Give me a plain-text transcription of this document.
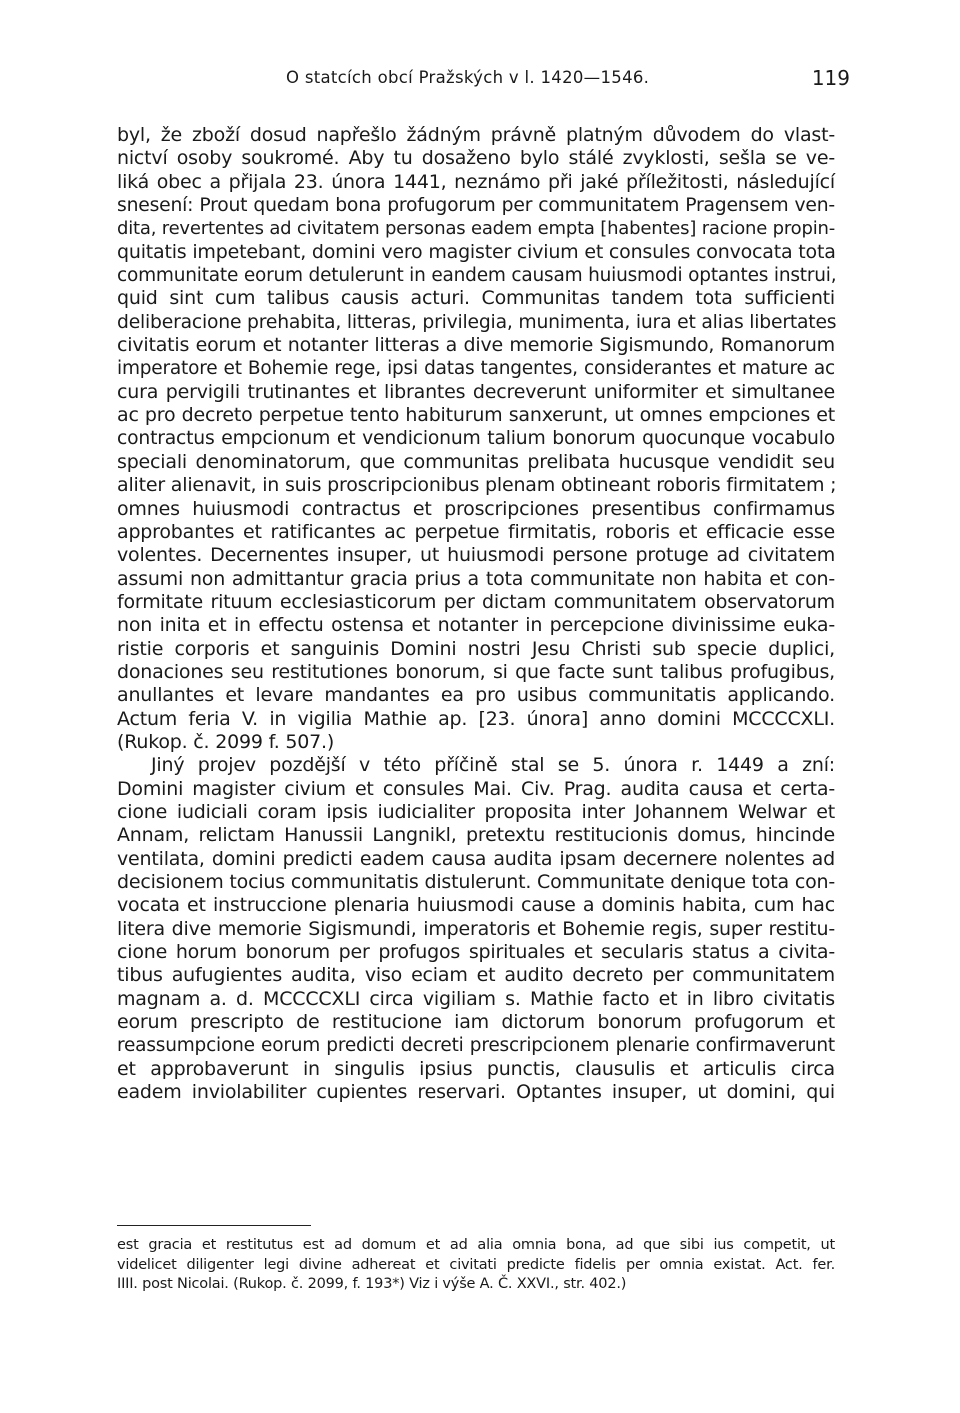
O statcích obcí Pražských v l. 1420—1546.	119
byl, že zboží dosud napřešlo žádným právně platným důvodem do vlast-
nictví osoby soukromé. Aby tu dosaženo bylo stálé zvyklosti, sešla se ve-
liká obec a přijala 23. února 1441, neznámo při jaké příležitosti, následující
snesení: Prout quedam bona profugorum per communitatem Pragensem ven-
dita, revertentes ad civitatem personas eadem empta [habentes] racione propin-
quitatis impetebant, domini vero magister civium et consules convocata tota
communitate eorum detulerunt in eandem causam huiusmodi optantes instrui,
quid sint cum talibus causis acturi. Communitas tandem tota sufficienti
deliberacione prehabita, litteras, privilegia, munimenta, iura et alias libertates
civitatis eorum et notanter litteras a dive memorie Sigismundo, Romanorum
imperatore et Bohemie rege, ipsi datas tangentes, considerantes et mature ac
cura pervigili trutinantes et librantes decreverunt uniformiter et simultanee
ac pro decreto perpetue tento habiturum sanxerunt, ut omnes empciones et
contractus empcionum et vendicionum talium bonorum quocunque vocabulo
speciali denominatorum, que communitas prelibata hucusque vendidit seu
aliter alienavit, in suis proscripcionibus plenam obtineant roboris firmitatem ;
omnes huiusmodi contractus et proscripciones presentibus confirmamus
approbantes et ratificantes ac perpetue firmitatis, roboris et efficacie esse
volentes. Decernentes insuper, ut huiusmodi persone protuge ad civitatem
assumi non admittantur gracia prius a tota communitate non habita et con-
formitate rituum ecclesiasticorum per dictam communitatem observatorum
non inita et in effectu ostensa et notanter in percepcione divinissime euka-
ristie corporis et sanguinis Domini nostri Jesu Christi sub specie duplici,
donaciones seu restitutiones bonorum, si que facte sunt talibus profugibus,
anullantes et levare mandantes ea pro usibus communitatis applicando.
Actum feria V. in vigilia Mathie ap. [23. února] anno domini MCCCCXLI.
(Rukop. č. 2099 f. 507.)
Jiný projev pozdější v této příčině stal se 5. února r. 1449 a zní:
Domini magister civium et consules Mai. Civ. Prag. audita causa et certa-
cione iudiciali coram ipsis iudicialiter proposita inter Johannem Welwar et
Annam, relictam Hanussii Langnikl, pretextu restitucionis domus, hincinde
ventilata, domini predicti eadem causa audita ipsam decernere nolentes ad
decisionem tocius communitatis distulerunt. Communitate denique tota con-
vocata et instruccione plenaria huiusmodi cause a dominis habita, cum hac
litera dive memorie Sigismundi, imperatoris et Bohemie regis, super restitu-
cione horum bonorum per profugos spirituales et secularis status a civita-
tibus aufugientes audita, viso eciam et audito decreto per communitatem
magnam a. d. MCCCCXLI circa vigiliam s. Mathie facto et in libro civitatis
eorum prescripto de restitucione iam dictorum bonorum profugorum et
reassumpcione eorum predicti decreti prescripcionem plenarie confirmaverunt
et approbaverunt in singulis ipsius punctis, clausulis et articulis circa
eadem inviolabiliter cupientes reservari. Optantes insuper, ut domini, qui
est gracia et restitutus est ad domum et ad alia omnia bona, ad que sibi ius competit, ut
videlicet diligenter legi divine adhereat et civitati predicte fidelis per omnia existat. Act. fer.
IIII. post Nicolai. (Rukop. č. 2099, f. 193*) Viz i výše A. Č. XXVI., str. 402.)
